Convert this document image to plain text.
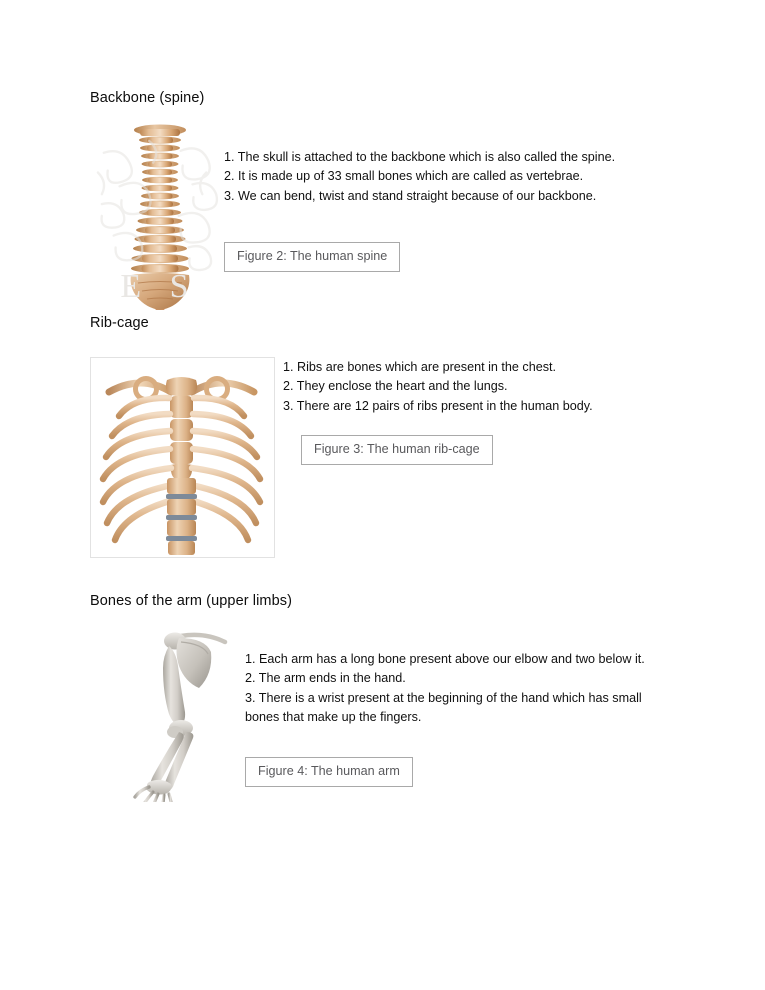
Backbone (spine)
E S

1. The skull is attached to the backbone which is also called the spine.

2. It is made up of 33 small bones which are called as vertebrae.

3. We can bend, twist and stand straight because of our backbone.

Figure 2: The human spine
Rib-cage

1. Ribs are bones which are present in the chest.

2. They enclose the heart and the lungs.

3. There are 12 pairs of ribs present in the human body.

Figure 3: The human rib-cage
Bones of the arm (upper limbs)

1. Each arm has a long bone present above our elbow and two below it.

2. The arm ends in the hand.

3. There is a wrist present at the beginning of the hand which has small bones that make up the fingers.

Figure 4: The human arm
